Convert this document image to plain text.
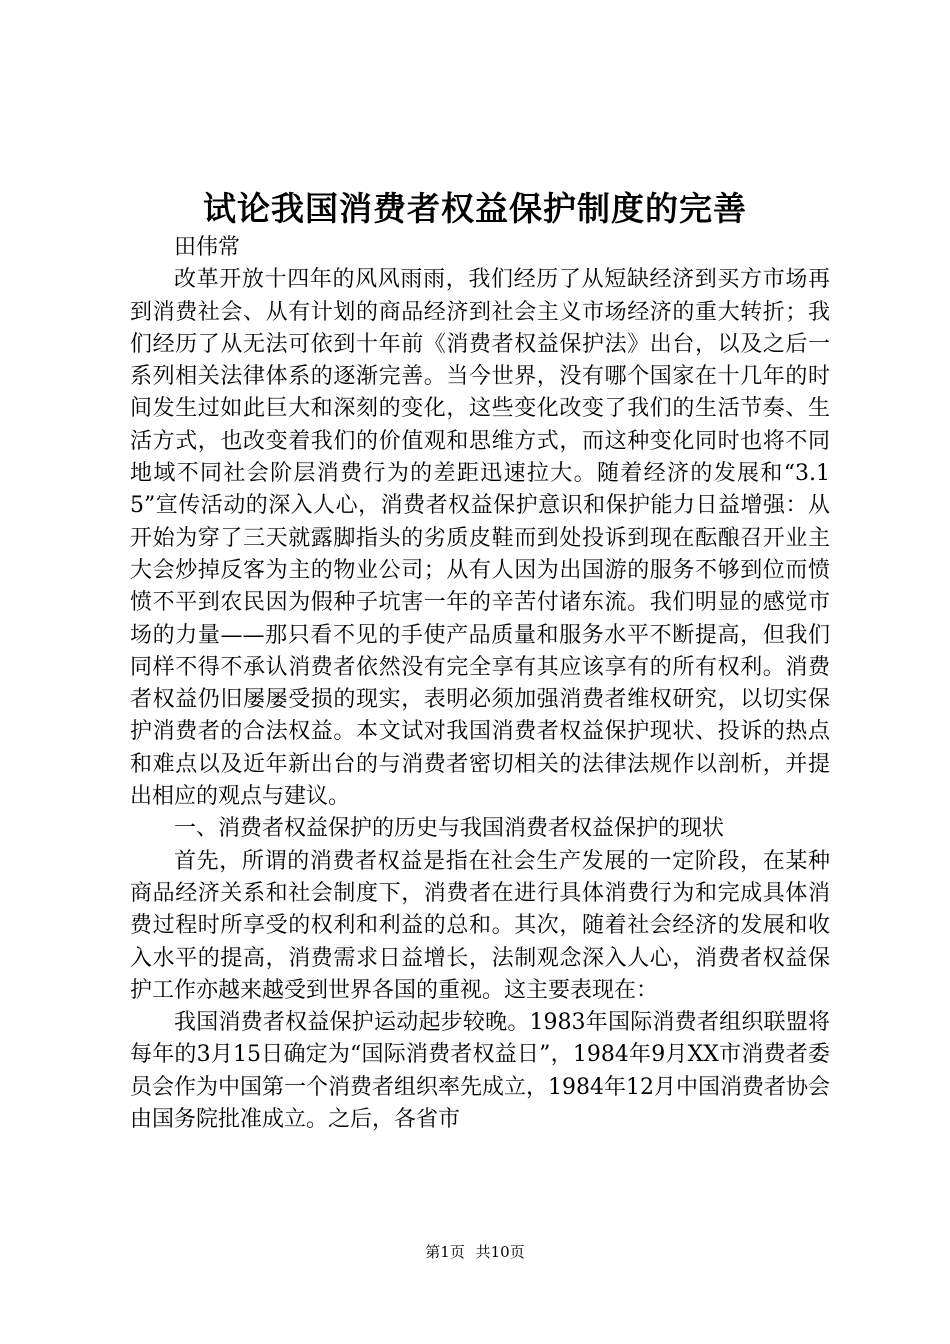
试论我国消费者权益保护制度的完善

田伟常

改革开放十四年的风风雨雨，我们经历了从短缺经济到买方市场再到消费社会、从有计划的商品经济到社会主义市场经济的重大转折；我们经历了从无法可依到十年前《消费者权益保护法》出台，以及之后一系列相关法律体系的逐渐完善。当今世界，没有哪个国家在十几年的时间发生过如此巨大和深刻的变化，这些变化改变了我们的生活节奏、生活方式，也改变着我们的价值观和思维方式，而这种变化同时也将不同地域不同社会阶层消费行为的差距迅速拉大。随着经济的发展和“3.15”宣传活动的深入人心，消费者权益保护意识和保护能力日益增强：从开始为穿了三天就露脚指头的劣质皮鞋而到处投诉到现在酝酿召开业主大会炒掉反客为主的物业公司；从有人因为出国游的服务不够到位而愤愤不平到农民因为假种子坑害一年的辛苦付诸东流。我们明显的感觉市场的力量——那只看不见的手使产品质量和服务水平不断提高，但我们同样不得不承认消费者依然没有完全享有其应该享有的所有权利。消费者权益仍旧屡屡受损的现实，表明必须加强消费者维权研究，以切实保护消费者的合法权益。本文试对我国消费者权益保护现状、投诉的热点和难点以及近年新出台的与消费者密切相关的法律法规作以剖析，并提出相应的观点与建议。

一、消费者权益保护的历史与我国消费者权益保护的现状

首先，所谓的消费者权益是指在社会生产发展的一定阶段，在某种商品经济关系和社会制度下，消费者在进行具体消费行为和完成具体消费过程时所享受的权利和利益的总和。其次，随着社会经济的发展和收入水平的提高，消费需求日益增长，法制观念深入人心，消费者权益保护工作亦越来越受到世界各国的重视。这主要表现在：

我国消费者权益保护运动起步较晚。1983年国际消费者组织联盟将每年的3月15日确定为“国际消费者权益日”，1984年9月XX市消费者委员会作为中国第一个消费者组织率先成立，1984年12月中国消费者协会由国务院批准成立。之后，各省市

第1页 共10页
